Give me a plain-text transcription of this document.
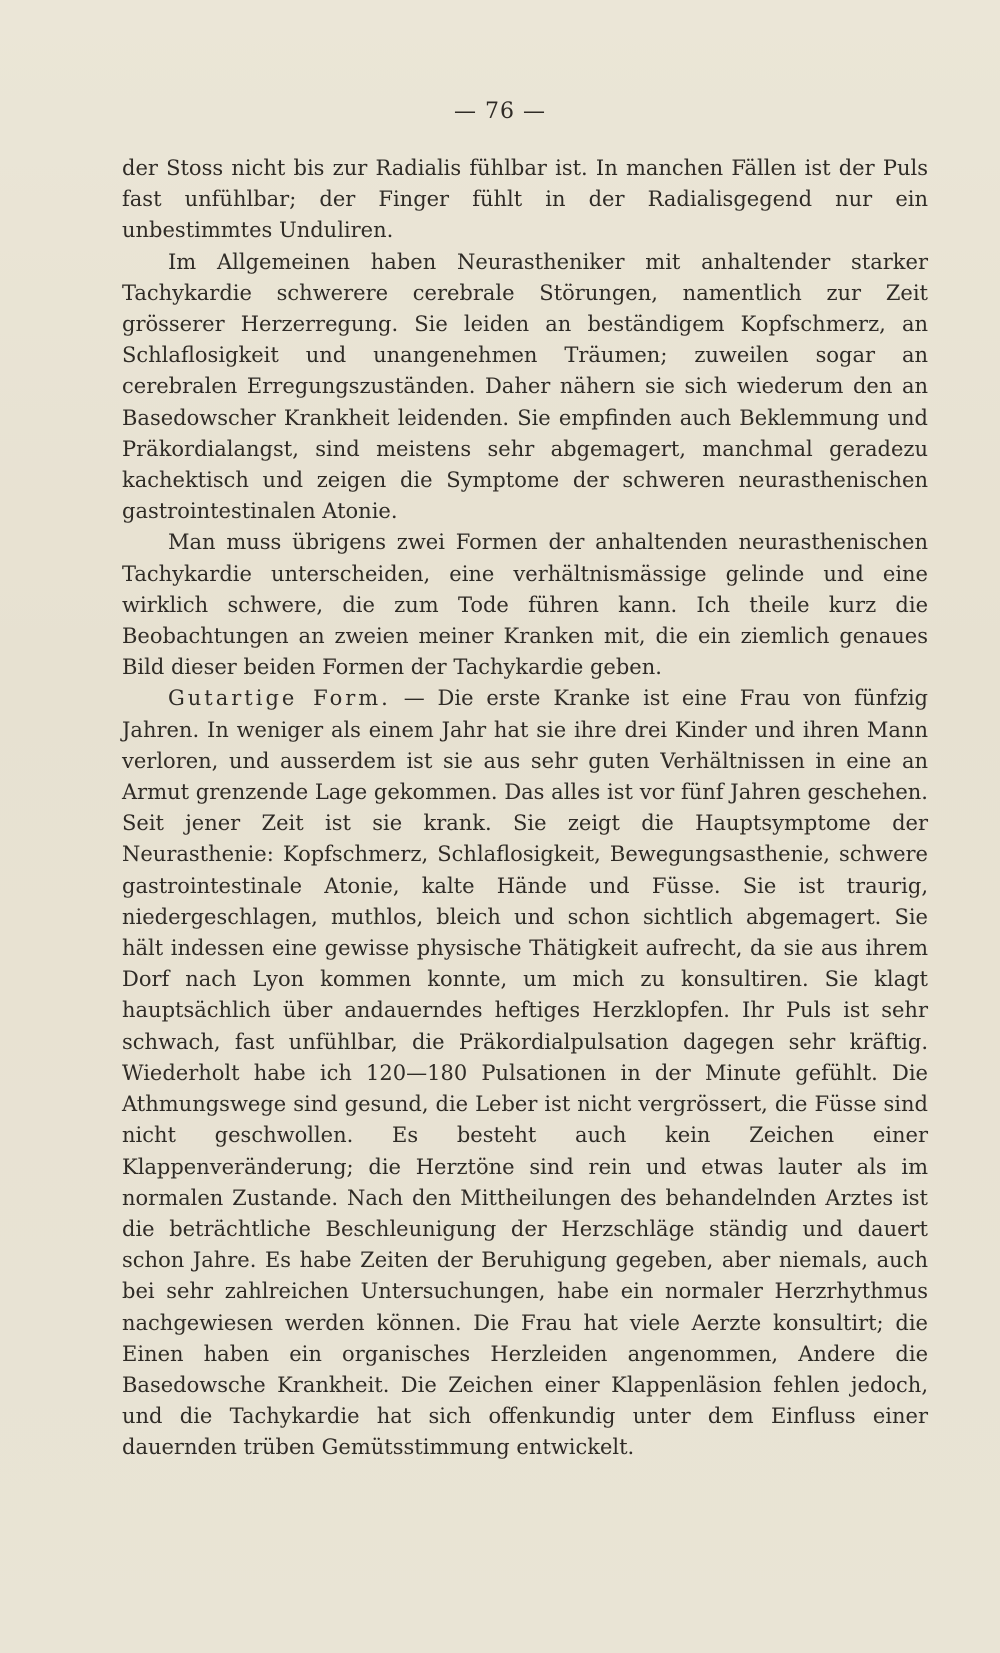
— 76 —

der Stoss nicht bis zur Radialis fühlbar ist. In manchen Fällen ist der Puls fast unfühlbar; der Finger fühlt in der Radialisgegend nur ein unbestimmtes Unduliren.

Im Allgemeinen haben Neurastheniker mit anhaltender starker Tachykardie schwerere cerebrale Störungen, namentlich zur Zeit grösserer Herzerregung. Sie leiden an beständigem Kopfschmerz, an Schlaflosigkeit und unangenehmen Träumen; zuweilen sogar an cerebralen Erregungszuständen. Daher nähern sie sich wiederum den an Basedowscher Krankheit leidenden. Sie empfinden auch Beklemmung und Präkordialangst, sind meistens sehr abgemagert, manchmal geradezu kachektisch und zeigen die Symptome der schweren neurasthenischen gastrointestinalen Atonie.

Man muss übrigens zwei Formen der anhaltenden neurasthenischen Tachykardie unterscheiden, eine verhältnismässige gelinde und eine wirklich schwere, die zum Tode führen kann. Ich theile kurz die Beobachtungen an zweien meiner Kranken mit, die ein ziemlich genaues Bild dieser beiden Formen der Tachykardie geben.

Gutartige Form. — Die erste Kranke ist eine Frau von fünfzig Jahren. In weniger als einem Jahr hat sie ihre drei Kinder und ihren Mann verloren, und ausserdem ist sie aus sehr guten Verhältnissen in eine an Armut grenzende Lage gekommen. Das alles ist vor fünf Jahren geschehen. Seit jener Zeit ist sie krank. Sie zeigt die Hauptsymptome der Neurasthenie: Kopfschmerz, Schlaflosigkeit, Bewegungsasthenie, schwere gastrointestinale Atonie, kalte Hände und Füsse. Sie ist traurig, niedergeschlagen, muthlos, bleich und schon sichtlich abgemagert. Sie hält indessen eine gewisse physische Thätigkeit aufrecht, da sie aus ihrem Dorf nach Lyon kommen konnte, um mich zu konsultiren. Sie klagt hauptsächlich über andauerndes heftiges Herzklopfen. Ihr Puls ist sehr schwach, fast unfühlbar, die Präkordialpulsation dagegen sehr kräftig. Wiederholt habe ich 120—180 Pulsationen in der Minute gefühlt. Die Athmungswege sind gesund, die Leber ist nicht vergrössert, die Füsse sind nicht geschwollen. Es besteht auch kein Zeichen einer Klappenveränderung; die Herztöne sind rein und etwas lauter als im normalen Zustande. Nach den Mittheilungen des behandelnden Arztes ist die beträchtliche Beschleunigung der Herzschläge ständig und dauert schon Jahre. Es habe Zeiten der Beruhigung gegeben, aber niemals, auch bei sehr zahlreichen Untersuchungen, habe ein normaler Herzrhythmus nachgewiesen werden können. Die Frau hat viele Aerzte konsultirt; die Einen haben ein organisches Herzleiden angenommen, Andere die Basedowsche Krankheit. Die Zeichen einer Klappenläsion fehlen jedoch, und die Tachykardie hat sich offenkundig unter dem Einfluss einer dauernden trüben Gemütsstimmung entwickelt.
